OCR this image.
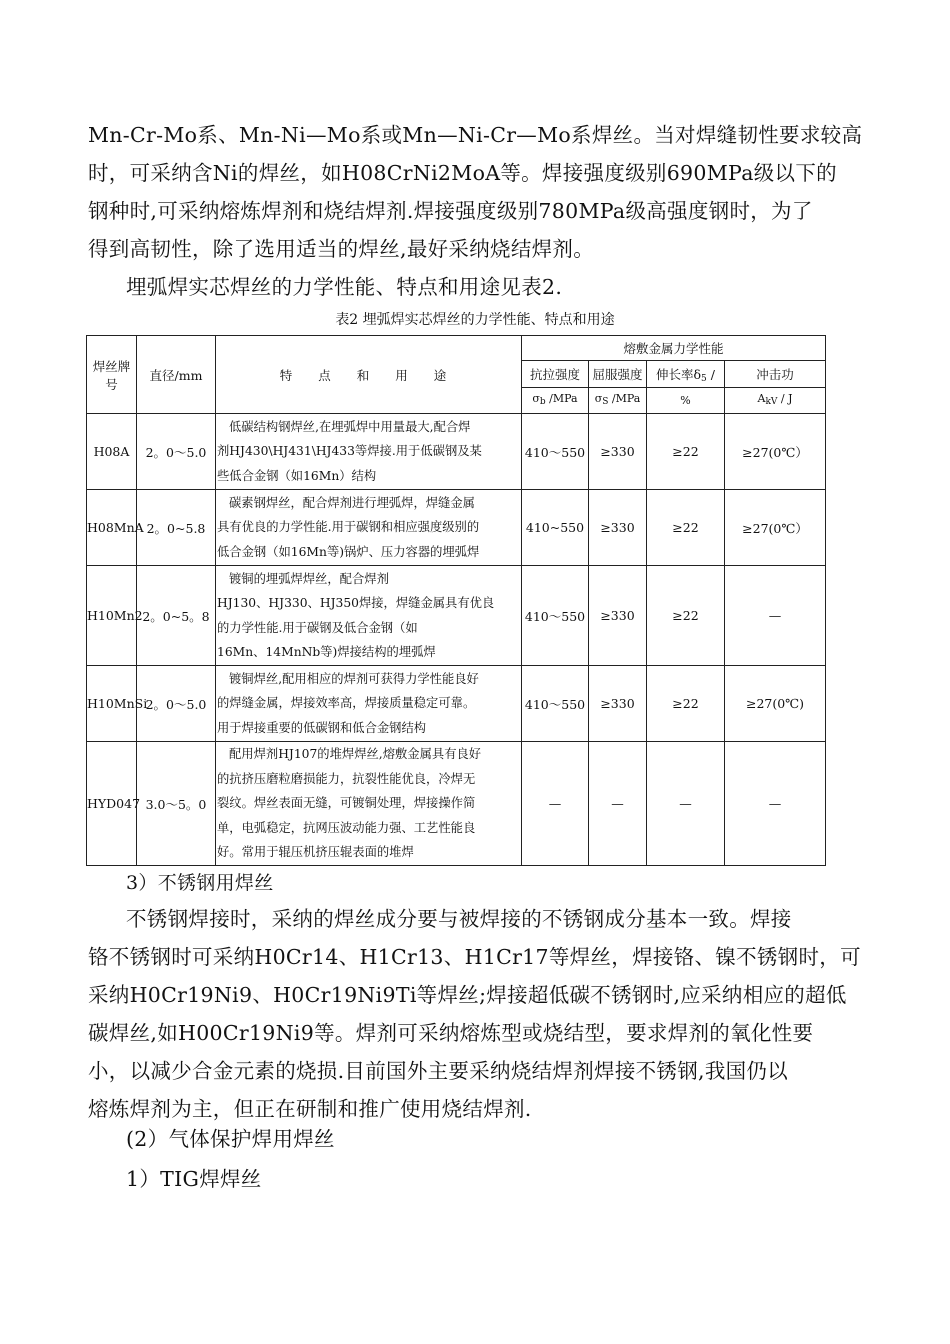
Mn-Cr-Mo系、Mn-Ni—Mo系或Mn—Ni-Cr—Mo系焊丝。当对焊缝韧性要求较高
时，可采纳含Ni的焊丝，如H08CrNi2MoA等。焊接强度级别690MPa级以下的
钢种时,可采纳熔炼焊剂和烧结焊剂.焊接强度级别780MPa级高强度钢时，为了
得到高韧性，除了选用适当的焊丝,最好采纳烧结焊剂。
埋弧焊实芯焊丝的力学性能、特点和用途见表2.
表2 埋弧焊实芯焊丝的力学性能、特点和用途
焊丝牌
号	直径/mm	特 点 和 用 途	熔敷金属力学性能			
			抗拉强度	屈服强度	伸长率$\delta_5$ /	冲击功
			$\sigma_b$ /MPa	$\sigma_S$ /MPa	%	$A_{kV}$ / J
H08A	2。0～5.0	低碳结构钢焊丝,在埋弧焊中用量最大,配合焊
剂HJ430\HJ431\HJ433等焊接.用于低碳钢及某
些低合金钢（如16Mn）结构	410～550	≥330	≥22	≥27(0℃）
H08MnA	2。0~5.8	碳素钢焊丝，配合焊剂进行埋弧焊，焊缝金属
具有优良的力学性能.用于碳钢和相应强度级别的
低合金钢（如16Mn等)锅炉、压力容器的埋弧焊	410~550	≥330	≥22	≥27(0℃）
H10Mn2	2。0~5。8	镀铜的埋弧焊焊丝，配合焊剂
HJ130、HJ330、HJ350焊接，焊缝金属具有优良
的力学性能.用于碳钢及低合金钢（如
16Mn、14MnNb等)焊接结构的埋弧焊	410～550	≥330	≥22	—
H10MnSi	2。0～5.0	镀铜焊丝,配用相应的焊剂可获得力学性能良好
的焊缝金属，焊接效率高，焊接质量稳定可靠。
用于焊接重要的低碳钢和低合金钢结构	410～550	≥330	≥22	≥27(0℃)
HYD047	3.0～5。0	配用焊剂HJ107的堆焊焊丝,熔敷金属具有良好
的抗挤压磨粒磨损能力，抗裂性能优良，冷焊无
裂纹。焊丝表面无缝，可镀铜处理，焊接操作简
单，电弧稳定，抗网压波动能力强、工艺性能良
好。常用于辊压机挤压辊表面的堆焊	—	—	—	—
3）不锈钢用焊丝
不锈钢焊接时，采纳的焊丝成分要与被焊接的不锈钢成分基本一致。焊接
铬不锈钢时可采纳H0Cr14、H1Cr13、H1Cr17等焊丝，焊接铬、镍不锈钢时，可
采纳H0Cr19Ni9、H0Cr19Ni9Ti等焊丝;焊接超低碳不锈钢时,应采纳相应的超低
碳焊丝,如H00Cr19Ni9等。焊剂可采纳熔炼型或烧结型，要求焊剂的氧化性要
小，以减少合金元素的烧损.目前国外主要采纳烧结焊剂焊接不锈钢,我国仍以
熔炼焊剂为主，但正在研制和推广使用烧结焊剂.
(2）气体保护焊用焊丝
1）TIG焊焊丝
